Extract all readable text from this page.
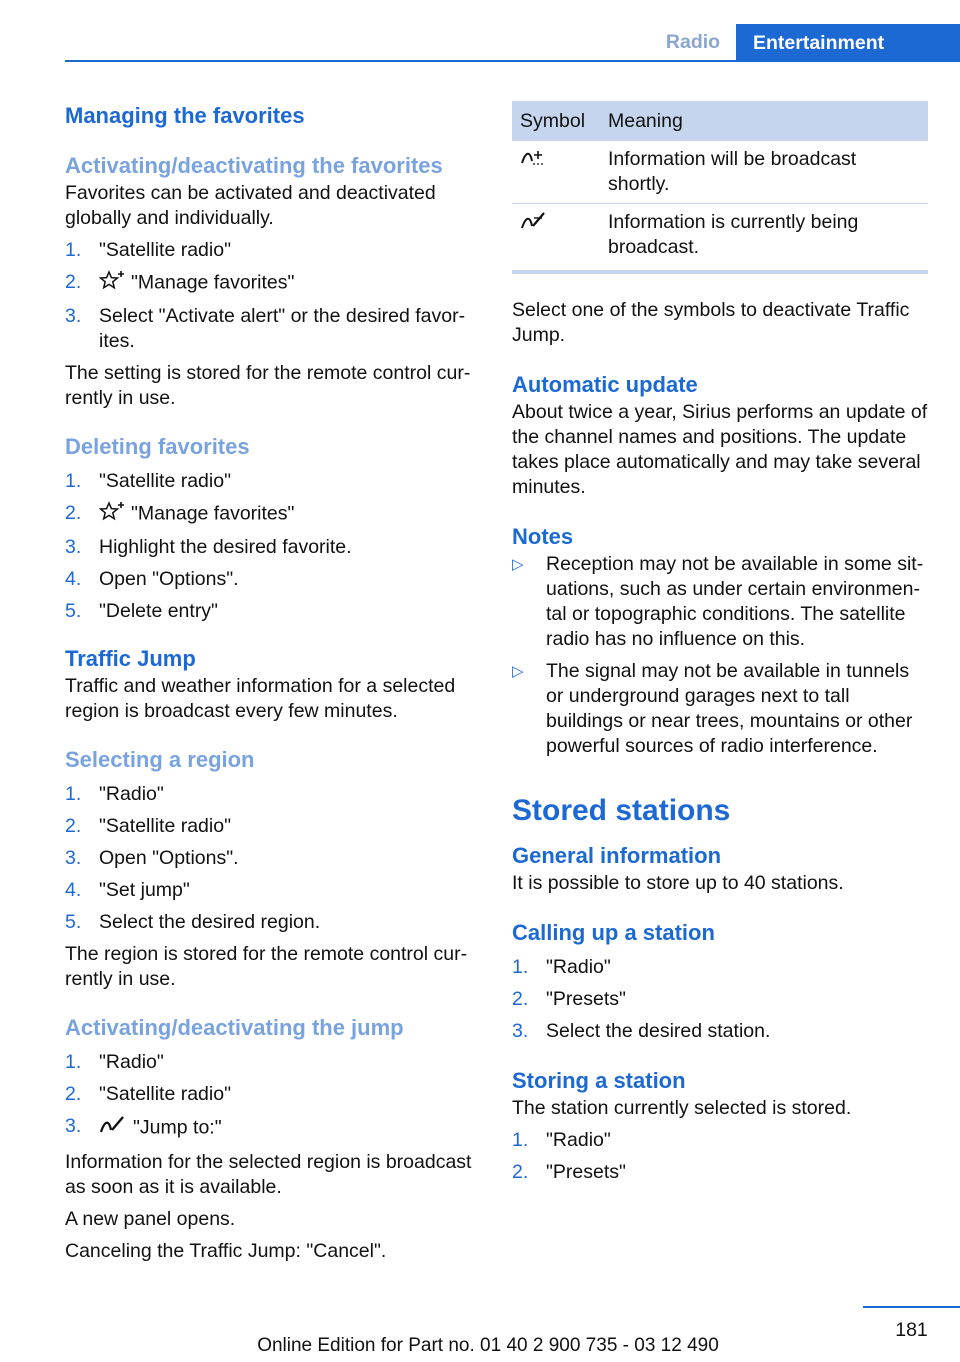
Radio	Entertainment
Managing the favorites
Activating/deactivating the favorites

Favorites can be activated and deactivated globally and individually.

1. "Satellite radio"
2.	"Manage favorites"
3. Select "Activate alert" or the desired favorites.

The setting is stored for the remote control currently in use.

Deleting favorites
1. "Satellite radio"
2.	"Manage favorites"
3. Highlight the desired favorite.
4. Open "Options".
5. "Delete entry"
Traffic Jump

Traffic and weather information for a selected region is broadcast every few minutes.

Selecting a region
1. "Radio"
2. "Satellite radio"
3. Open "Options".
4. "Set jump"
5. Select the desired region.

The region is stored for the remote control currently in use.

Activating/deactivating the jump
1. "Radio"
2. "Satellite radio"
3.	"Jump to:"

Information for the selected region is broadcast as soon as it is available.

A new panel opens.

Canceling the Traffic Jump: "Cancel".

Symbol	Meaning
	Information will be broadcast shortly.
	Information is currently being broadcast.

Select one of the symbols to deactivate Traffic Jump.

Automatic update

About twice a year, Sirius performs an update of the channel names and positions. The update takes place automatically and may take several minutes.

Notes
▷ Reception may not be available in some situations, such as under certain environmental or topographic conditions. The satellite radio has no influence on this.
▷ The signal may not be available in tunnels or underground garages next to tall buildings or near trees, mountains or other powerful sources of radio interference.
Stored stations
General information

It is possible to store up to 40 stations.

Calling up a station
1. "Radio"
2. "Presets"
3. Select the desired station.
Storing a station

The station currently selected is stored.

1. "Radio"
2. "Presets"
181
Online Edition for Part no. 01 40 2 900 735 - 03 12 490
